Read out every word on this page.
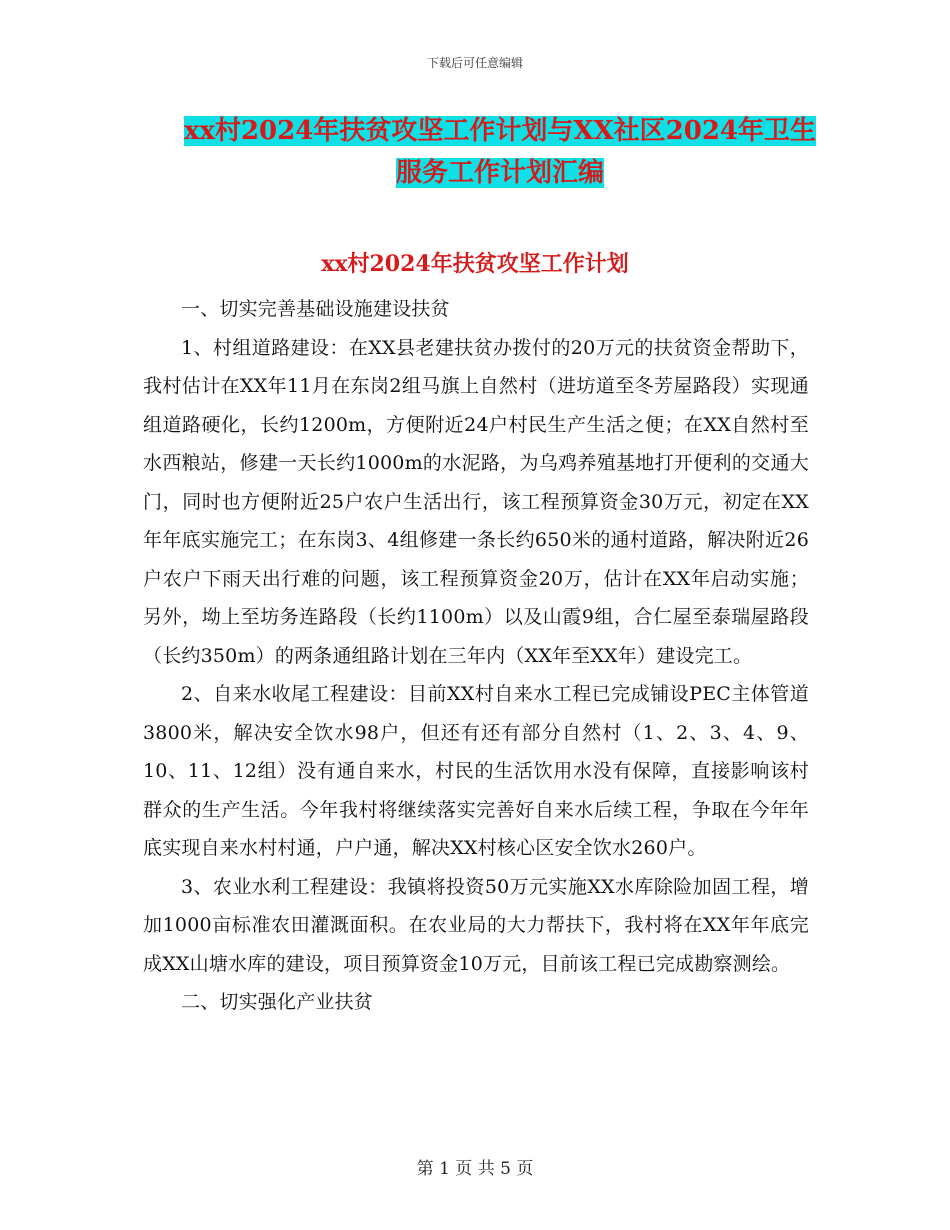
下载后可任意编辑
xx村2024年扶贫攻坚工作计划与XX社区2024年卫生
服务工作计划汇编
xx村2024年扶贫攻坚工作计划

一、切实完善基础设施建设扶贫

1、村组道路建设：在XX县老建扶贫办拨付的20万元的扶贫资金帮助下，我村估计在XX年11月在东岗2组马旗上自然村（进坊道至冬芳屋路段）实现通组道路硬化，长约1200m，方便附近24户村民生产生活之便；在XX自然村至水西粮站，修建一天长约1000m的水泥路，为乌鸡养殖基地打开便利的交通大门，同时也方便附近25户农户生活出行，该工程预算资金30万元，初定在XX年年底实施完工；在东岗3、4组修建一条长约650米的通村道路，解决附近26户农户下雨天出行难的问题，该工程预算资金20万，估计在XX年启动实施；另外，坳上至坊务连路段（长约1100m）以及山霞9组，合仁屋至泰瑞屋路段（长约350m）的两条通组路计划在三年内（XX年至XX年）建设完工。

2、自来水收尾工程建设：目前XX村自来水工程已完成铺设PEC主体管道3800米，解决安全饮水98户，但还有还有部分自然村（1、2、3、4、9、10、11、12组）没有通自来水，村民的生活饮用水没有保障，直接影响该村群众的生产生活。今年我村将继续落实完善好自来水后续工程，争取在今年年底实现自来水村村通，户户通，解决XX村核心区安全饮水260户。

3、农业水利工程建设：我镇将投资50万元实施XX水库除险加固工程，增加1000亩标准农田灌溉面积。在农业局的大力帮扶下，我村将在XX年年底完成XX山塘水库的建设，项目预算资金10万元，目前该工程已完成勘察测绘。

二、切实强化产业扶贫

第 1 页 共 5 页
